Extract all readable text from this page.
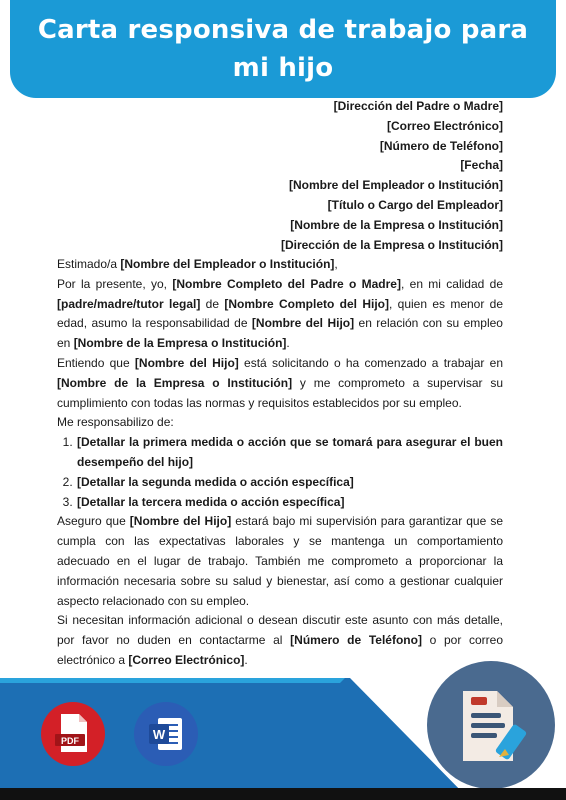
Carta responsiva de trabajo para mi hijo
[Dirección del Padre o Madre]
[Correo Electrónico]
[Número de Teléfono]
[Fecha]
[Nombre del Empleador o Institución]
[Título o Cargo del Empleador]
[Nombre de la Empresa o Institución]
[Dirección de la Empresa o Institución]

Estimado/a [Nombre del Empleador o Institución],

Por la presente, yo, [Nombre Completo del Padre o Madre], en mi calidad de [padre/madre/tutor legal] de [Nombre Completo del Hijo], quien es menor de edad, asumo la responsabilidad de [Nombre del Hijo] en relación con su empleo en [Nombre de la Empresa o Institución].

Entiendo que [Nombre del Hijo] está solicitando o ha comenzado a trabajar en [Nombre de la Empresa o Institución] y me comprometo a supervisar su cumplimiento con todas las normas y requisitos establecidos por su empleo.

Me responsabilizo de:

1. [Detallar la primera medida o acción que se tomará para asegurar el buen desempeño del hijo]
2. [Detallar la segunda medida o acción específica]
3. [Detallar la tercera medida o acción específica]

Aseguro que [Nombre del Hijo] estará bajo mi supervisión para garantizar que se cumpla con las expectativas laborales y se mantenga un comportamiento adecuado en el lugar de trabajo. También me comprometo a proporcionar la información necesaria sobre su salud y bienestar, así como a gestionar cualquier aspecto relacionado con su empleo.

Si necesitan información adicional o desean discutir este asunto con más detalle, por favor no duden en contactarme al [Número de Teléfono] o por correo electrónico a [Correo Electrónico].

PDF	W
